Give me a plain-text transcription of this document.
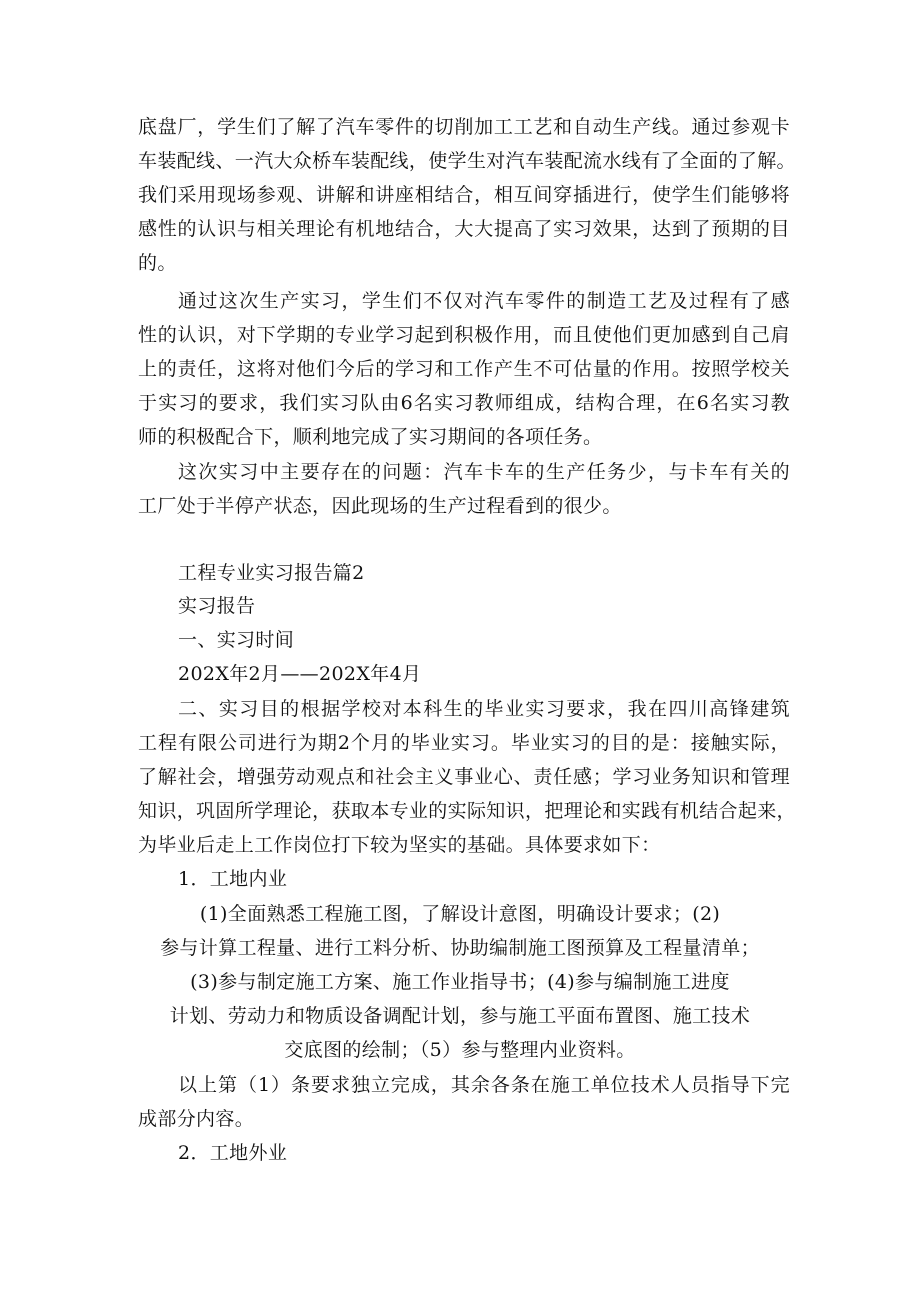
底盘厂，学生们了解了汽车零件的切削加工工艺和自动生产线。通过参观卡
车装配线、一汽大众桥车装配线，使学生对汽车装配流水线有了全面的了解。
我们采用现场参观、讲解和讲座相结合，相互间穿插进行，使学生们能够将
感性的认识与相关理论有机地结合，大大提高了实习效果，达到了预期的目
的。
通过这次生产实习，学生们不仅对汽车零件的制造工艺及过程有了感
性的认识，对下学期的专业学习起到积极作用，而且使他们更加感到自己肩
上的责任，这将对他们今后的学习和工作产生不可估量的作用。按照学校关
于实习的要求，我们实习队由6名实习教师组成，结构合理，在6名实习教
师的积极配合下，顺利地完成了实习期间的各项任务。
这次实习中主要存在的问题：汽车卡车的生产任务少，与卡车有关的
工厂处于半停产状态，因此现场的生产过程看到的很少。
工程专业实习报告篇2
实习报告
一、实习时间
202X年2月——202X年4月
二、实习目的根据学校对本科生的毕业实习要求，我在四川高锋建筑
工程有限公司进行为期2个月的毕业实习。毕业实习的目的是：接触实际，
了解社会，增强劳动观点和社会主义事业心、责任感；学习业务知识和管理
知识，巩固所学理论，获取本专业的实际知识，把理论和实践有机结合起来，
为毕业后走上工作岗位打下较为坚实的基础。具体要求如下：
1．工地内业
(1)全面熟悉工程施工图，了解设计意图，明确设计要求；(2)
参与计算工程量、进行工料分析、协助编制施工图预算及工程量清单；
(3)参与制定施工方案、施工作业指导书；(4)参与编制施工进度
计划、劳动力和物质设备调配计划，参与施工平面布置图、施工技术
交底图的绘制；（5）参与整理内业资料。
以上第（1）条要求独立完成，其余各条在施工单位技术人员指导下完
成部分内容。
2．工地外业
